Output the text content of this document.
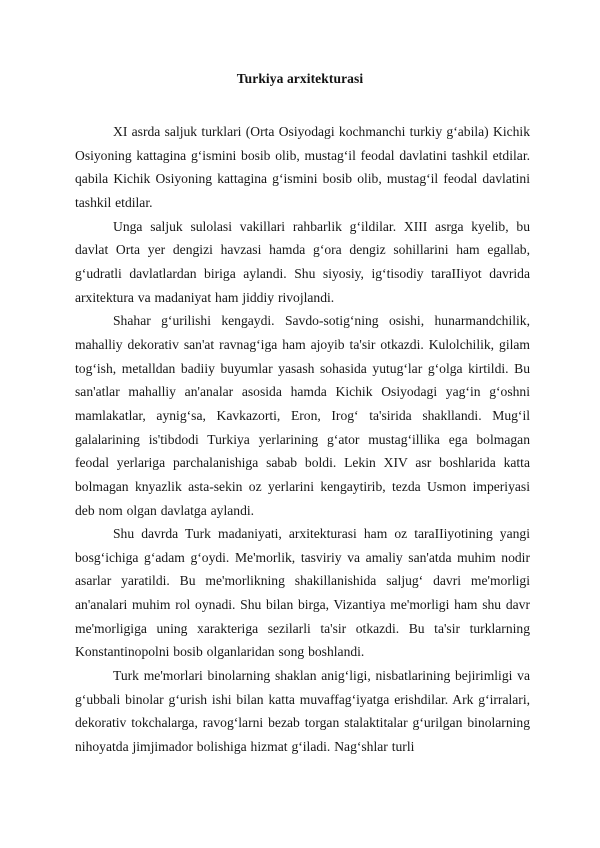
Turkiya arxitekturasi

XI asrda saljuk turklari (Orta Osiyodagi kochmanchi turkiy g‘abila) Kichik Osiyoning kattagina g‘ismini bosib olib, mustag‘il feodal davlatini tashkil etdilar. qabila Kichik Osiyoning kattagina g‘ismini bosib olib, mustag‘il feodal davlatini tashkil etdilar.

Unga saljuk sulolasi vakillari rahbarlik g‘ildilar. XIII asrga kyelib, bu davlat Orta yer dengizi havzasi hamda g‘ora dengiz sohillarini ham egallab, g‘udratli davlatlardan biriga aylandi. Shu siyosiy, ig‘tisodiy taraIIiyot davrida arxitektura va madaniyat ham jiddiy rivojlandi.

Shahar g‘urilishi kengaydi. Savdo-sotig‘ning osishi, hunarmandchilik, mahalliy dekorativ san'at ravnag‘iga ham ajoyib ta'sir otkazdi. Kulolchilik, gilam tog‘ish, metalldan badiiy buyumlar yasash sohasida yutug‘lar g‘olga kirtildi. Bu san'atlar mahalliy an'analar asosida hamda Kichik Osiyodagi yag‘in g‘oshni mamlakatlar, aynig‘sa, Kavkazorti, Eron, Irog‘ ta'sirida shakllandi. Mug‘il galalarining is'tibdodi Turkiya yerlarining g‘ator mustag‘illika ega bolmagan feodal yerlariga parchalanishiga sabab boldi. Lekin XIV asr boshlarida katta bolmagan knyazlik asta-sekin oz yerlarini kengaytirib, tezda Usmon imperiyasi deb nom olgan davlatga aylandi.

Shu davrda Turk madaniyati, arxitekturasi ham oz taraIIiyotining yangi bosg‘ichiga g‘adam g‘oydi. Me'morlik, tasviriy va amaliy san'atda muhim nodir asarlar yaratildi. Bu me'morlikning shakillanishida saljug‘ davri me'morligi an'analari muhim rol oynadi. Shu bilan birga, Vizantiya me'morligi ham shu davr me'morligiga uning xarakteriga sezilarli ta'sir otkazdi. Bu ta'sir turklarning Konstantinopolni bosib olganlaridan song boshlandi.

Turk me'morlari binolarning shaklan anig‘ligi, nisbatlarining bejirimligi va g‘ubbali binolar g‘urish ishi bilan katta muvaffag‘iyatga erishdilar. Ark g‘irralari, dekorativ tokchalarga, ravog‘larni bezab torgan stalaktitalar g‘urilgan binolarning nihoyatda jimjimador bolishiga hizmat g‘iladi. Nag‘shlar turli
